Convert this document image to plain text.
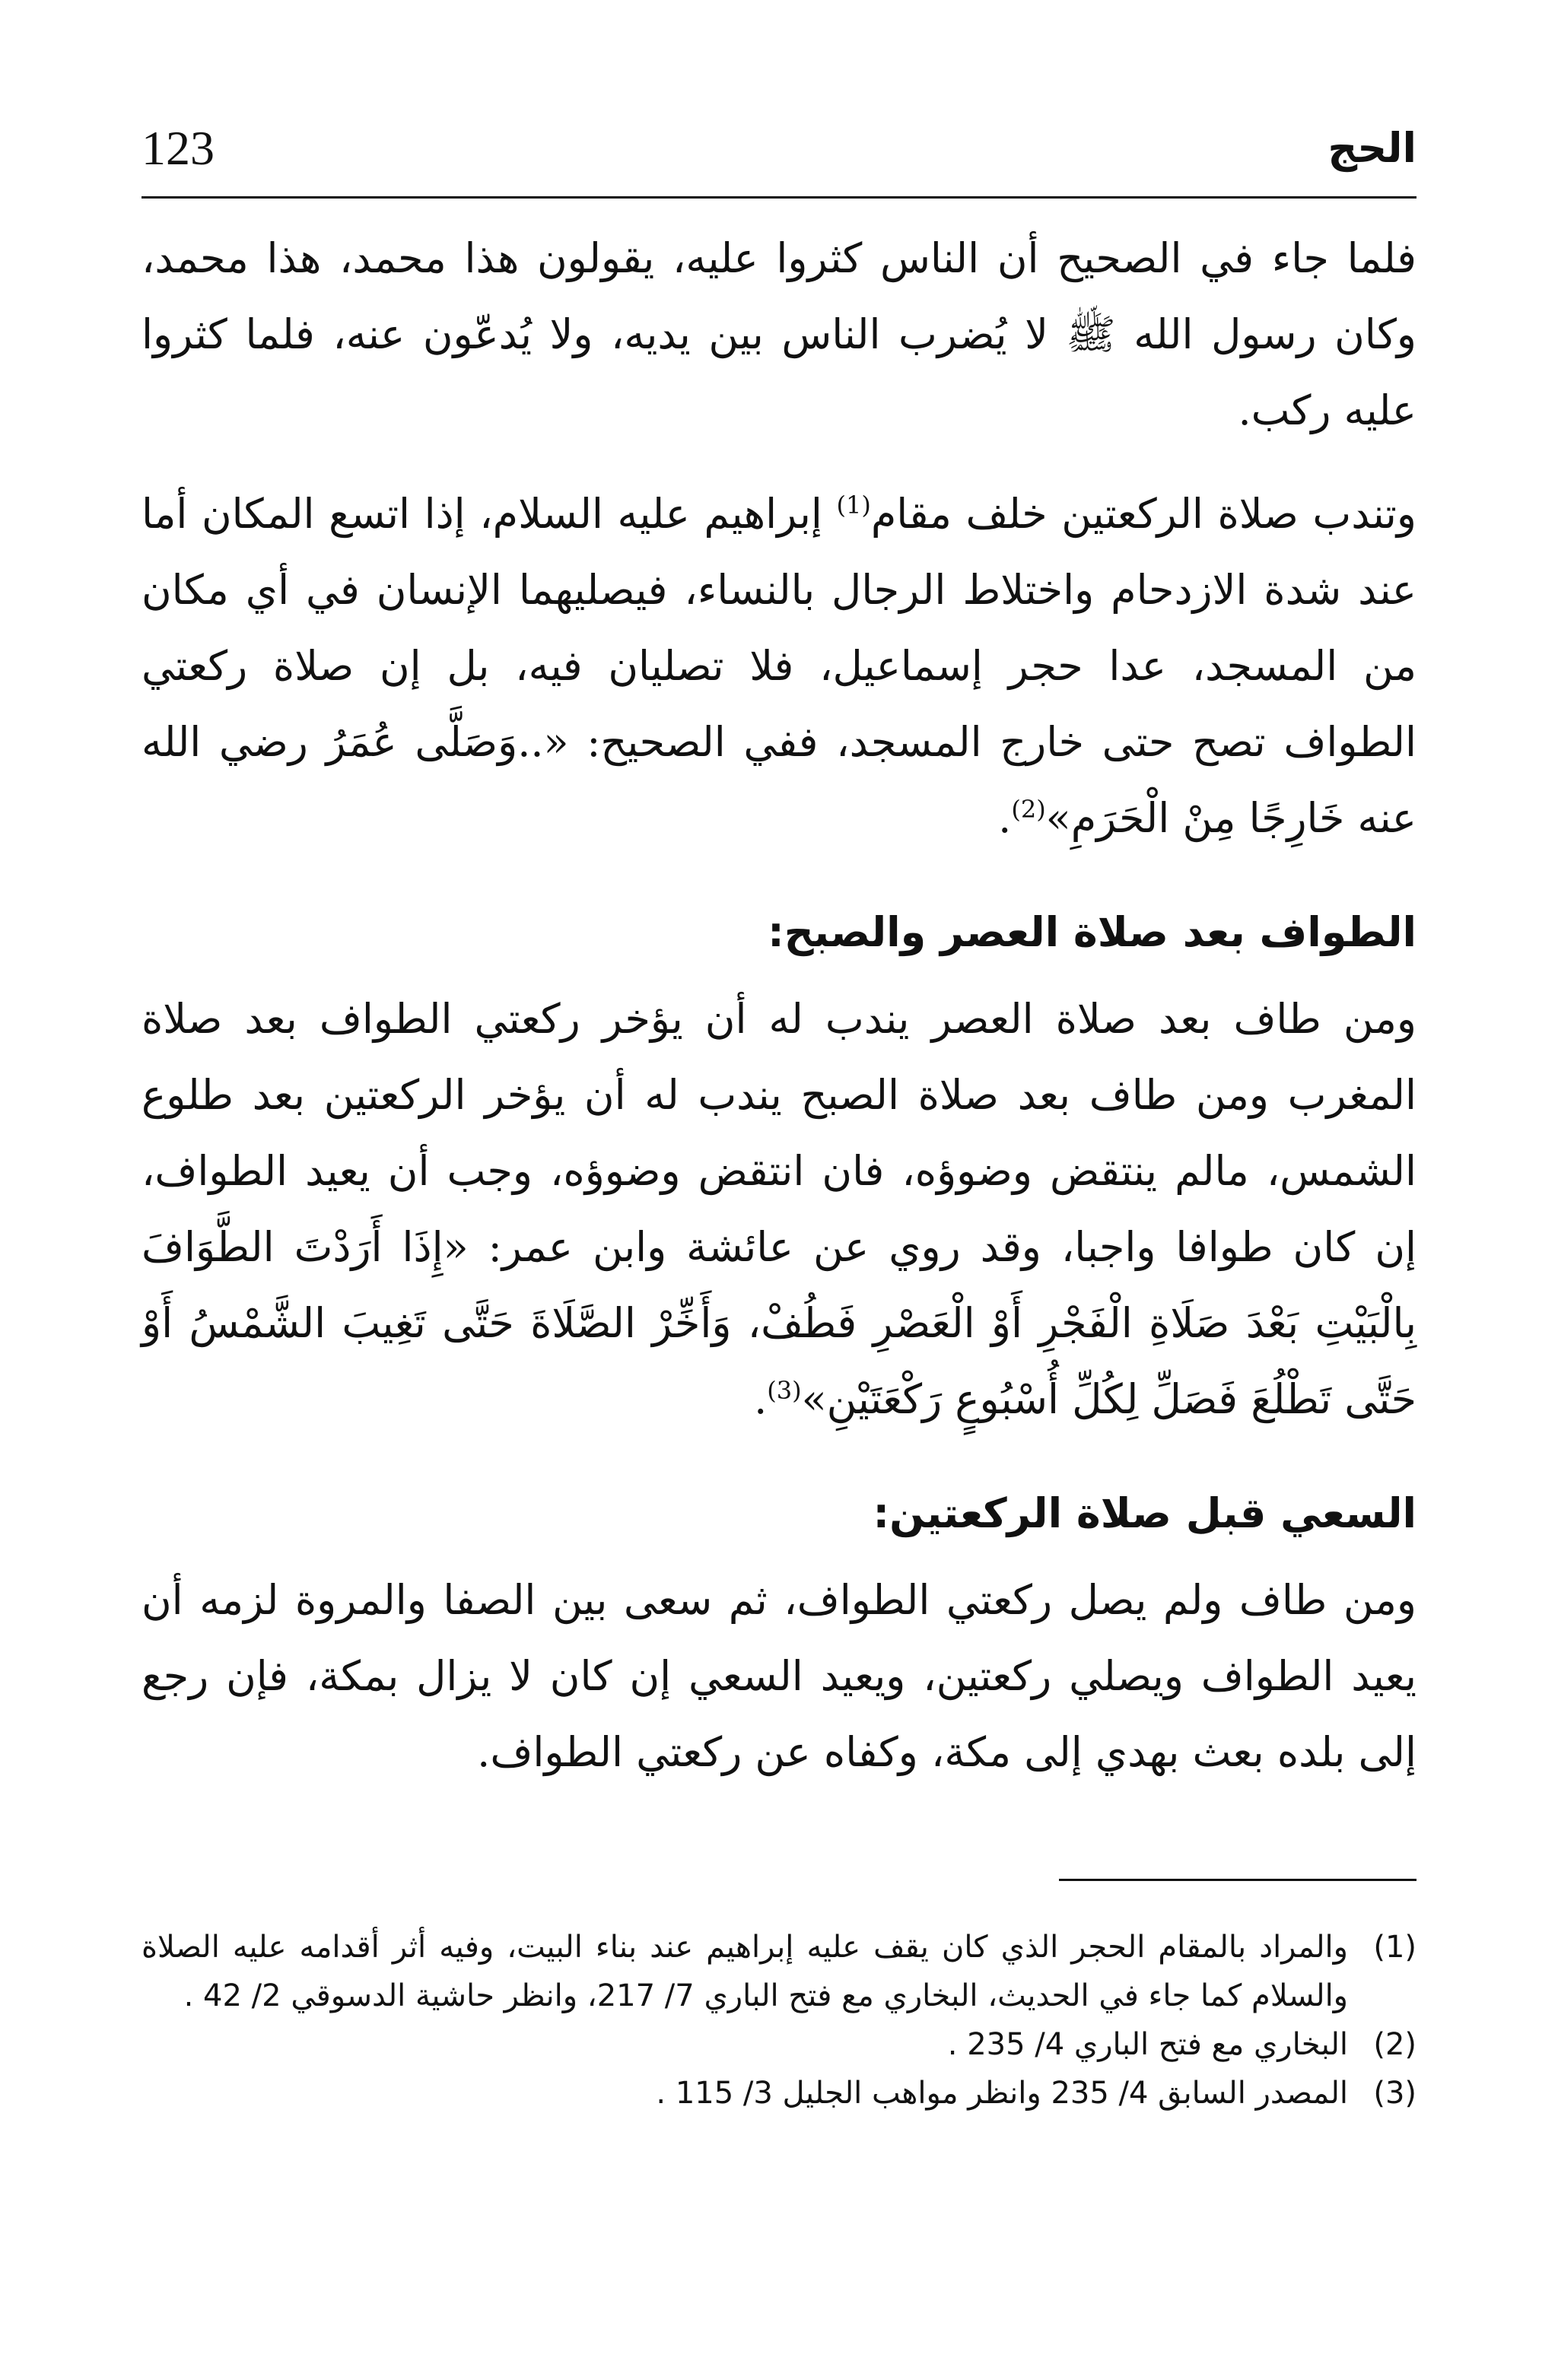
123	الحج

فلما جاء في الصحيح أن الناس كثروا عليه، يقولون هذا محمد، هذا محمد، وكان رسول الله ﷺ لا يُضرب الناس بين يديه، ولا يُدعّون عنه، فلما كثروا عليه ركب.

وتندب صلاة الركعتين خلف مقام$^{(1)}$ إبراهيم عليه السلام، إذا اتسع المكان أما عند شدة الازدحام واختلاط الرجال بالنساء، فيصليهما الإنسان في أي مكان من المسجد، عدا حجر إسماعيل، فلا تصليان فيه، بل إن صلاة ركعتي الطواف تصح حتى خارج المسجد، ففي الصحيح: «..وَصَلَّى عُمَرُ رضي الله عنه خَارِجًا مِنْ الْحَرَمِ»$^{(2)}$.

الطواف بعد صلاة العصر والصبح:

ومن طاف بعد صلاة العصر يندب له أن يؤخر ركعتي الطواف بعد صلاة المغرب ومن طاف بعد صلاة الصبح يندب له أن يؤخر الركعتين بعد طلوع الشمس، مالم ينتقض وضوؤه، فان انتقض وضوؤه، وجب أن يعيد الطواف، إن كان طوافا واجبا، وقد روي عن عائشة وابن عمر: «إِذَا أَرَدْتَ الطَّوَافَ بِالْبَيْتِ بَعْدَ صَلَاةِ الْفَجْرِ أَوْ الْعَصْرِ فَطُفْ، وَأَخِّرْ الصَّلَاةَ حَتَّى تَغِيبَ الشَّمْسُ أَوْ حَتَّى تَطْلُعَ فَصَلِّ لِكُلِّ أُسْبُوعٍ رَكْعَتَيْنِ»$^{(3)}$.

السعي قبل صلاة الركعتين:

ومن طاف ولم يصل ركعتي الطواف، ثم سعى بين الصفا والمروة لزمه أن يعيد الطواف ويصلي ركعتين، ويعيد السعي إن كان لا يزال بمكة، فإن رجع إلى بلده بعث بهدي إلى مكة، وكفاه عن ركعتي الطواف.

(1)
والمراد بالمقام الحجر الذي كان يقف عليه إبراهيم عند بناء البيت، وفيه أثر أقدامه عليه الصلاة والسلام كما جاء في الحديث، البخاري مع فتح الباري 7/ 217، وانظر حاشية الدسوقي 2/ 42 .
(2)
البخاري مع فتح الباري 4/ 235 .
(3)
المصدر السابق 4/ 235 وانظر مواهب الجليل 3/ 115 .
